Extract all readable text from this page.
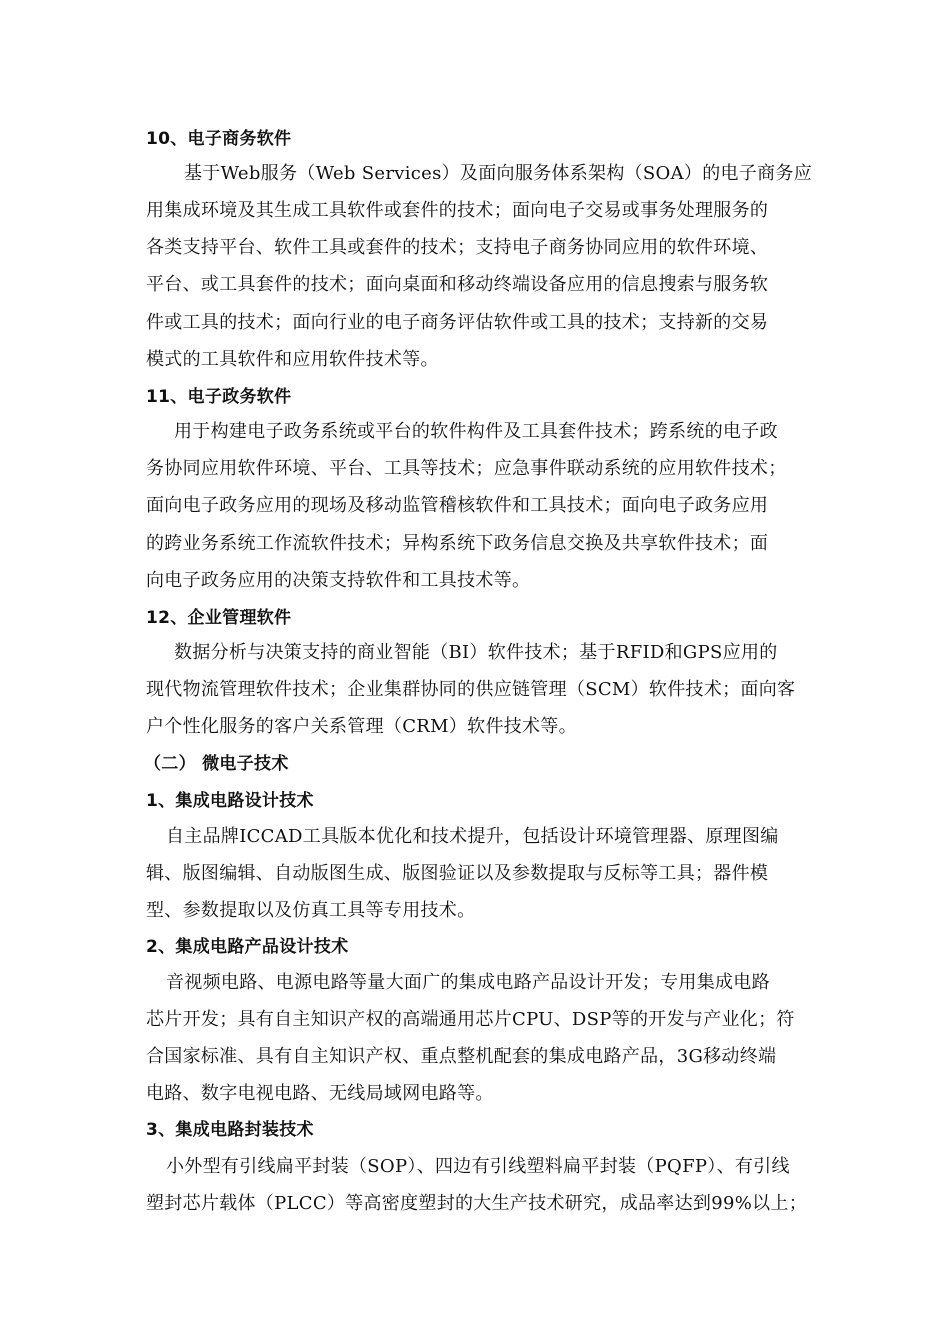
10、电子商务软件
基于Web服务（Web Services）及面向服务体系架构（SOA）的电子商务应
用集成环境及其生成工具软件或套件的技术；面向电子交易或事务处理服务的
各类支持平台、软件工具或套件的技术；支持电子商务协同应用的软件环境、
平台、或工具套件的技术；面向桌面和移动终端设备应用的信息搜索与服务软
件或工具的技术；面向行业的电子商务评估软件或工具的技术；支持新的交易
模式的工具软件和应用软件技术等。
11、电子政务软件
用于构建电子政务系统或平台的软件构件及工具套件技术；跨系统的电子政
务协同应用软件环境、平台、工具等技术；应急事件联动系统的应用软件技术；
面向电子政务应用的现场及移动监管稽核软件和工具技术；面向电子政务应用
的跨业务系统工作流软件技术；异构系统下政务信息交换及共享软件技术；面
向电子政务应用的决策支持软件和工具技术等。
12、企业管理软件
数据分析与决策支持的商业智能（BI）软件技术；基于RFID和GPS应用的
现代物流管理软件技术；企业集群协同的供应链管理（SCM）软件技术；面向客
户个性化服务的客户关系管理（CRM）软件技术等。
（二） 微电子技术
1、集成电路设计技术
自主品牌ICCAD工具版本优化和技术提升，包括设计环境管理器、原理图编
辑、版图编辑、自动版图生成、版图验证以及参数提取与反标等工具；器件模
型、参数提取以及仿真工具等专用技术。
2、集成电路产品设计技术
音视频电路、电源电路等量大面广的集成电路产品设计开发；专用集成电路
芯片开发；具有自主知识产权的高端通用芯片CPU、DSP等的开发与产业化；符
合国家标准、具有自主知识产权、重点整机配套的集成电路产品，3G移动终端
电路、数字电视电路、无线局域网电路等。
3、集成电路封装技术
小外型有引线扁平封装（SOP）、四边有引线塑料扁平封装（PQFP）、有引线
塑封芯片载体（PLCC）等高密度塑封的大生产技术研究，成品率达到99%以上；
